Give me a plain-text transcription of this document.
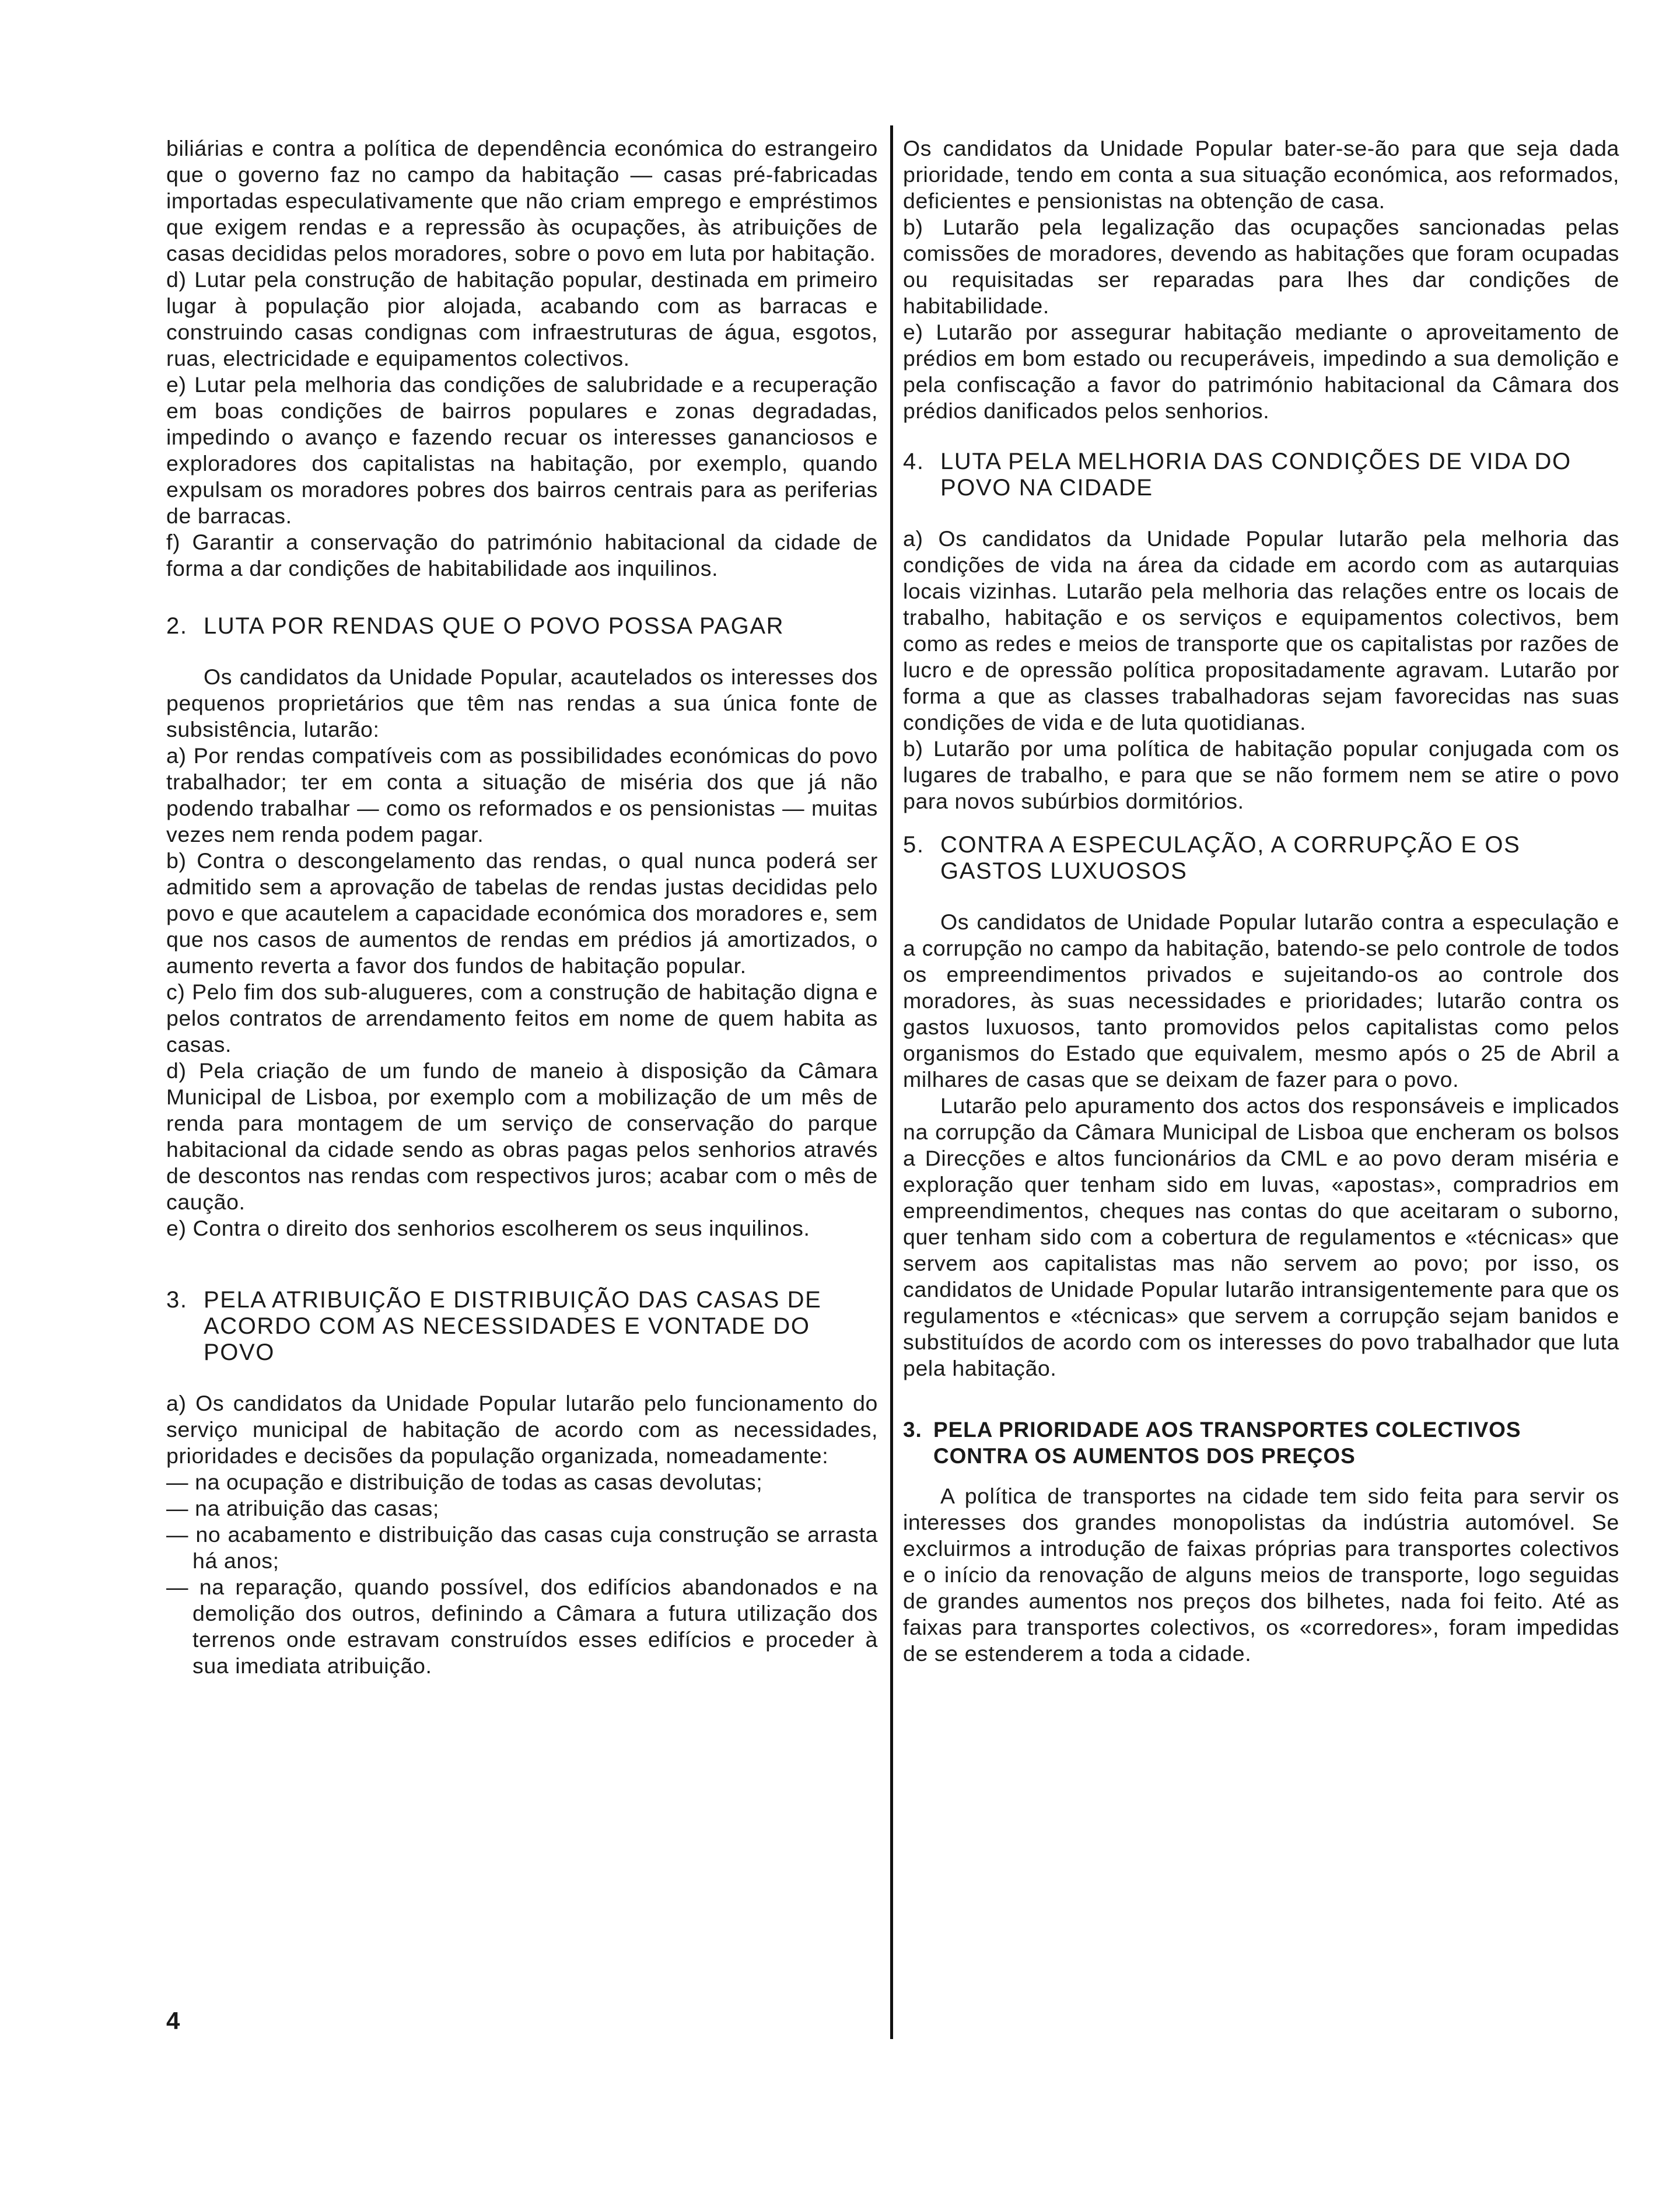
biliárias e contra a política de dependência económica do estrangeiro que o governo faz no campo da habitação — casas pré-fabricadas importadas especulativamente que não criam emprego e empréstimos que exigem rendas e a repressão às ocupações, às atribuições de casas decididas pelos moradores, sobre o povo em luta por habitação.

d) Lutar pela construção de habitação popular, destinada em primeiro lugar à população pior alojada, acabando com as barracas e construindo casas condignas com infraestruturas de água, esgotos, ruas, electricidade e equipamentos colectivos.

e) Lutar pela melhoria das condições de salubridade e a recuperação em boas condições de bairros populares e zonas degradadas, impedindo o avanço e fazendo recuar os interesses gananciosos e exploradores dos capitalistas na habitação, por exemplo, quando expulsam os moradores pobres dos bairros centrais para as periferias de barracas.

f) Garantir a conservação do património habitacional da cidade de forma a dar condições de habitabilidade aos inquilinos.

2. LUTA POR RENDAS QUE O POVO POSSA PAGAR

Os candidatos da Unidade Popular, acautelados os interesses dos pequenos proprietários que têm nas rendas a sua única fonte de subsistência, lutarão:

a) Por rendas compatíveis com as possibilidades económicas do povo trabalhador; ter em conta a situação de miséria dos que já não podendo trabalhar — como os reformados e os pensionistas — muitas vezes nem renda podem pagar.

b) Contra o descongelamento das rendas, o qual nunca poderá ser admitido sem a aprovação de tabelas de rendas justas decididas pelo povo e que acautelem a capacidade económica dos moradores e, sem que nos casos de aumentos de rendas em prédios já amortizados, o aumento reverta a favor dos fundos de habitação popular.

c) Pelo fim dos sub-alugueres, com a construção de habitação digna e pelos contratos de arrendamento feitos em nome de quem habita as casas.

d) Pela criação de um fundo de maneio à disposição da Câmara Municipal de Lisboa, por exemplo com a mobilização de um mês de renda para montagem de um serviço de conservação do parque habitacional da cidade sendo as obras pagas pelos senhorios através de descontos nas rendas com respectivos juros; acabar com o mês de caução.

e) Contra o direito dos senhorios escolherem os seus inquilinos.

3. PELA ATRIBUIÇÃO E DISTRIBUIÇÃO DAS CASAS DE ACORDO COM AS NECESSIDADES E VONTADE DO POVO

a) Os candidatos da Unidade Popular lutarão pelo funcionamento do serviço municipal de habitação de acordo com as necessidades, prioridades e decisões da população organizada, nomeadamente:

— na ocupação e distribuição de todas as casas devolutas;

— na atribuição das casas;

— no acabamento e distribuição das casas cuja construção se arrasta há anos;

— na reparação, quando possível, dos edifícios abandonados e na demolição dos outros, definindo a Câmara a futura utilização dos terrenos onde estravam construídos esses edifícios e proceder à sua imediata atribuição.

Os candidatos da Unidade Popular bater-se-ão para que seja dada prioridade, tendo em conta a sua situação económica, aos reformados, deficientes e pensionistas na obtenção de casa.

b) Lutarão pela legalização das ocupações sancionadas pelas comissões de moradores, devendo as habitações que foram ocupadas ou requisitadas ser reparadas para lhes dar condições de habitabilidade.

e) Lutarão por assegurar habitação mediante o aproveitamento de prédios em bom estado ou recuperáveis, impedindo a sua demolição e pela confiscação a favor do património habitacional da Câmara dos prédios danificados pelos senhorios.

4. LUTA PELA MELHORIA DAS CONDIÇÕES DE VIDA DO POVO NA CIDADE

a) Os candidatos da Unidade Popular lutarão pela melhoria das condições de vida na área da cidade em acordo com as autarquias locais vizinhas. Lutarão pela melhoria das relações entre os locais de trabalho, habitação e os serviços e equipamentos colectivos, bem como as redes e meios de transporte que os capitalistas por razões de lucro e de opressão política propositadamente agravam. Lutarão por forma a que as classes trabalhadoras sejam favorecidas nas suas condições de vida e de luta quotidianas.

b) Lutarão por uma política de habitação popular conjugada com os lugares de trabalho, e para que se não formem nem se atire o povo para novos subúrbios dormitórios.

5. CONTRA A ESPECULAÇÃO, A CORRUPÇÃO E OS GASTOS LUXUOSOS

Os candidatos de Unidade Popular lutarão contra a especulação e a corrupção no campo da habitação, batendo-se pelo controle de todos os empreendimentos privados e sujeitando-os ao controle dos moradores, às suas necessidades e prioridades; lutarão contra os gastos luxuosos, tanto promovidos pelos capitalistas como pelos organismos do Estado que equivalem, mesmo após o 25 de Abril a milhares de casas que se deixam de fazer para o povo.

Lutarão pelo apuramento dos actos dos responsáveis e implicados na corrupção da Câmara Municipal de Lisboa que encheram os bolsos a Direcções e altos funcionários da CML e ao povo deram miséria e exploração quer tenham sido em luvas, «apostas», compradrios em empreendimentos, cheques nas contas do que aceitaram o suborno, quer tenham sido com a cobertura de regulamentos e «técnicas» que servem aos capitalistas mas não servem ao povo; por isso, os candidatos de Unidade Popular lutarão intransigentemente para que os regulamentos e «técnicas» que servem a corrupção sejam banidos e substituídos de acordo com os interesses do povo trabalhador que luta pela habitação.

3. PELA PRIORIDADE AOS TRANSPORTES COLECTIVOS CONTRA OS AUMENTOS DOS PREÇOS

A política de transportes na cidade tem sido feita para servir os interesses dos grandes monopolistas da indústria automóvel. Se excluirmos a introdução de faixas próprias para transportes colectivos e o início da renovação de alguns meios de transporte, logo seguidas de grandes aumentos nos preços dos bilhetes, nada foi feito. Até as faixas para transportes colectivos, os «corredores», foram impedidas de se estenderem a toda a cidade.

4
